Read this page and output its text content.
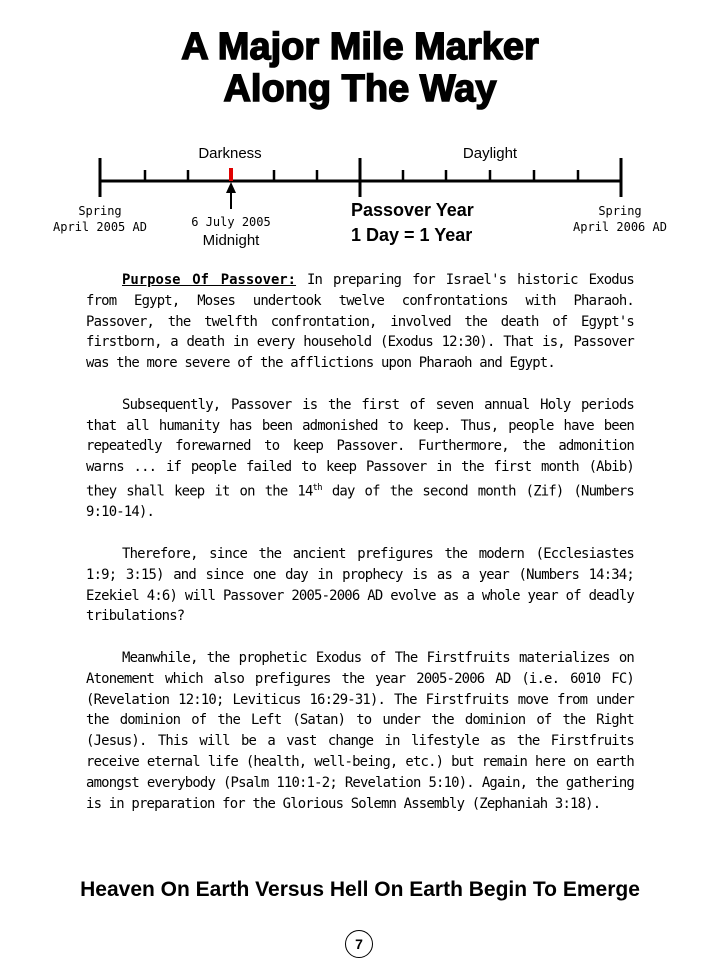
A Major Mile Marker
Along The Way
Darkness	Daylight
Spring
April 2005 AD	6 July 2005
Midnight
Passover Year
1 Day = 1 Year
Spring
April 2006 AD

Purpose Of Passover: In preparing for Israel's historic Exodus from Egypt, Moses undertook twelve confrontations with Pharaoh. Passover, the twelfth confrontation, involved the death of Egypt's firstborn, a death in every household (Exodus 12:30). That is, Passover was the more severe of the afflictions upon Pharaoh and Egypt.

Subsequently, Passover is the first of seven annual Holy periods that all humanity has been admonished to keep. Thus, people have been repeatedly forewarned to keep Passover. Furthermore, the admonition warns ... if people failed to keep Passover in the first month (Abib) they shall keep it on the 14th day of the second month (Zif) (Numbers 9:10-14).

Therefore, since the ancient prefigures the modern (Ecclesiastes 1:9; 3:15) and since one day in prophecy is as a year (Numbers 14:34; Ezekiel 4:6) will Passover 2005-2006 AD evolve as a whole year of deadly tribulations?

Meanwhile, the prophetic Exodus of The Firstfruits materializes on Atonement which also prefigures the year 2005-2006 AD (i.e. 6010 FC) (Revelation 12:10; Leviticus 16:29-31). The Firstfruits move from under the dominion of the Left (Satan) to under the dominion of the Right (Jesus). This will be a vast change in lifestyle as the Firstfruits receive eternal life (health, well-being, etc.) but remain here on earth amongst everybody (Psalm 110:1-2; Revelation 5:10). Again, the gathering is in preparation for the Glorious Solemn Assembly (Zephaniah 3:18).

Heaven On Earth Versus Hell On Earth Begin To Emerge
7
